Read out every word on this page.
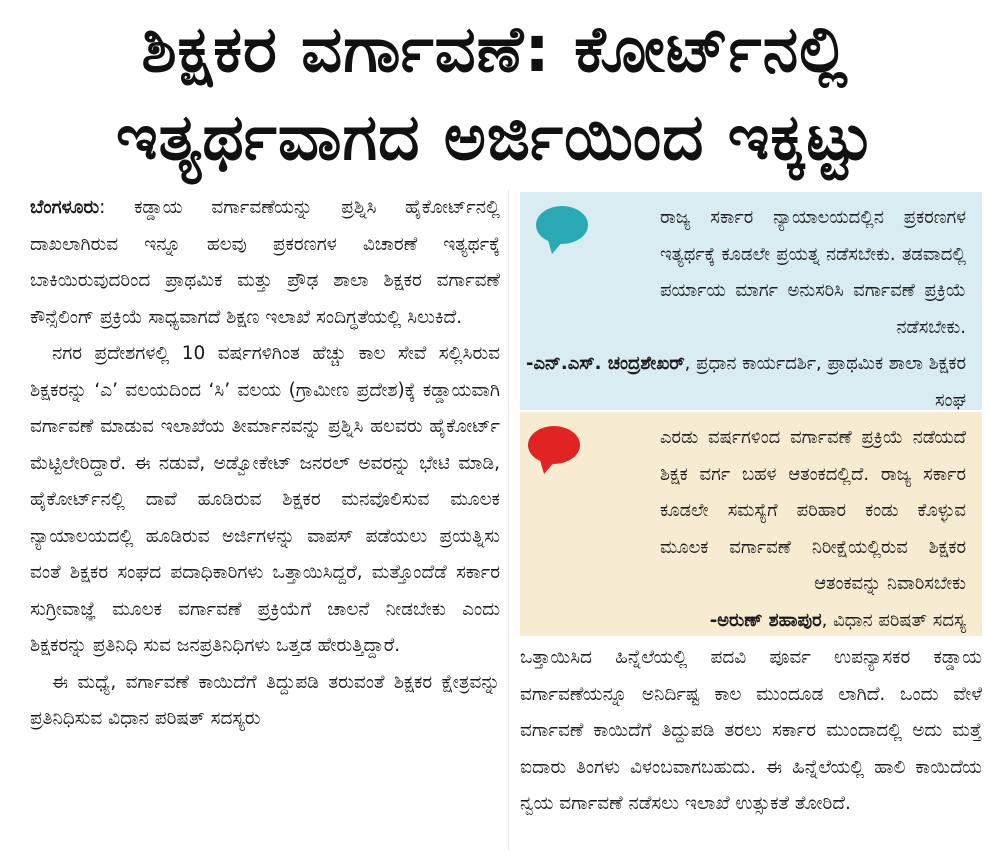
ಶಿಕ್ಷಕರ ವರ್ಗಾವಣೆ: ಕೋರ್ಟ್‌ನಲ್ಲಿ
ಇತ್ಯರ್ಥವಾಗದ ಅರ್ಜಿಯಿಂದ ಇಕ್ಕಟ್ಟು

ಬೆಂಗಳೂರು: ಕಡ್ಡಾಯ ವರ್ಗಾವಣೆಯನ್ನು ಪ್ರಶ್ನಿಸಿ ಹೈಕೋರ್ಟ್‌ನಲ್ಲಿ ದಾಖಲಾಗಿರುವ ಇನ್ನೂ ಹಲವು ಪ್ರಕರಣಗಳ ವಿಚಾರಣೆ ಇತ್ಯರ್ಥಕ್ಕೆ ಬಾಕಿಯಿರುವುದರಿಂದ ಪ್ರಾಥಮಿಕ ಮತ್ತು ಪ್ರೌಢ ಶಾಲಾ ಶಿಕ್ಷಕರ ವರ್ಗಾವಣೆ ಕೌನ್ಸೆಲಿಂಗ್ ಪ್ರಕ್ರಿಯೆ ಸಾಧ್ಯವಾಗದೆ ಶಿಕ್ಷಣ ಇಲಾಖೆ ಸಂದಿಗ್ಧತೆಯಲ್ಲಿ ಸಿಲುಕಿದೆ.

ನಗರ ಪ್ರದೇಶಗಳಲ್ಲಿ 10 ವರ್ಷಗಳಿಗಿಂತ ಹೆಚ್ಚು ಕಾಲ ಸೇವೆ ಸಲ್ಲಿಸಿರುವ ಶಿಕ್ಷಕರನ್ನು ‘ಎ’ ವಲಯದಿಂದ ‘ಸಿ’ ವಲಯ (ಗ್ರಾಮೀಣ ಪ್ರದೇಶ)ಕ್ಕೆ ಕಡ್ಡಾಯವಾಗಿ ವರ್ಗಾವಣೆ ಮಾಡುವ ಇಲಾಖೆಯ ತೀರ್ಮಾನವನ್ನು ಪ್ರಶ್ನಿಸಿ ಹಲವರು ಹೈಕೋರ್ಟ್ ಮೆಟ್ಟಿಲೇರಿದ್ದಾರೆ. ಈ ನಡುವೆ, ಅಡ್ವೋಕೇಟ್ ಜನರಲ್ ಅವರನ್ನು ಭೇಟಿ ಮಾಡಿ, ಹೈಕೋರ್ಟ್‌ನಲ್ಲಿ ದಾವೆ ಹೂಡಿರುವ ಶಿಕ್ಷಕರ ಮನವೊಲಿಸುವ ಮೂಲಕ ನ್ಯಾಯಾಲಯದಲ್ಲಿ ಹೂಡಿರುವ ಅರ್ಜಿಗಳನ್ನು ವಾಪಸ್ ಪಡೆಯಲು ಪ್ರಯತ್ನಿಸು ವಂತೆ ಶಿಕ್ಷಕರ ಸಂಘದ ಪದಾಧಿಕಾರಿಗಳು ಒತ್ತಾಯಿಸಿದ್ದರೆ, ಮತ್ತೊಂದೆಡೆ ಸರ್ಕಾರ ಸುಗ್ರೀವಾಜ್ಞೆ ಮೂಲಕ ವರ್ಗಾವಣೆ ಪ್ರಕ್ರಿಯೆಗೆ ಚಾಲನೆ ನೀಡಬೇಕು ಎಂದು ಶಿಕ್ಷಕರನ್ನು ಪ್ರತಿನಿಧಿ ಸುವ ಜನಪ್ರತಿನಿಧಿಗಳು ಒತ್ತಡ ಹೇರುತ್ತಿದ್ದಾರೆ.

ಈ ಮಧ್ಯೆ, ವರ್ಗಾವಣೆ ಕಾಯಿದೆಗೆ ತಿದ್ದುಪಡಿ ತರುವಂತೆ ಶಿಕ್ಷಕರ ಕ್ಷೇತ್ರವನ್ನು ಪ್ರತಿನಿಧಿಸುವ ವಿಧಾನ ಪರಿಷತ್ ಸದಸ್ಯರು

ರಾಜ್ಯ ಸರ್ಕಾರ ನ್ಯಾಯಾಲಯದಲ್ಲಿನ ಪ್ರಕರಣಗಳ ಇತ್ಯರ್ಥಕ್ಕೆ ಕೂಡಲೇ ಪ್ರಯತ್ನ ನಡೆಸಬೇಕು. ತಡವಾದಲ್ಲಿ ಪರ್ಯಾಯ ಮಾರ್ಗ ಅನುಸರಿಸಿ ವರ್ಗಾವಣೆ ಪ್ರಕ್ರಿಯೆ ನಡೆಸಬೇಕು.
-ಎನ್.ಎಸ್. ಚಂದ್ರಶೇಖರ್, ಪ್ರಧಾನ ಕಾರ್ಯದರ್ಶಿ, ಪ್ರಾಥಮಿಕ ಶಾಲಾ ಶಿಕ್ಷಕರ ಸಂಘ
ಎರಡು ವರ್ಷಗಳಿಂದ ವರ್ಗಾವಣೆ ಪ್ರಕ್ರಿಯೆ ನಡೆಯದೆ ಶಿಕ್ಷಕ ವರ್ಗ ಬಹಳ ಆತಂಕದಲ್ಲಿದೆ. ರಾಜ್ಯ ಸರ್ಕಾರ ಕೂಡಲೇ ಸಮಸ್ಯೆಗೆ ಪರಿಹಾರ ಕಂಡು ಕೊಳ್ಳುವ ಮೂಲಕ ವರ್ಗಾವಣೆ ನಿರೀಕ್ಷೆಯಲ್ಲಿರುವ ಶಿಕ್ಷಕರ ಆತಂಕವನ್ನು ನಿವಾರಿಸಬೇಕು
-ಅರುಣ್ ಶಹಾಪುರ, ವಿಧಾನ ಪರಿಷತ್ ಸದಸ್ಯ

ಒತ್ತಾಯಿಸಿದ ಹಿನ್ನೆಲೆಯಲ್ಲಿ ಪದವಿ ಪೂರ್ವ ಉಪನ್ಯಾಸಕರ ಕಡ್ಡಾಯ ವರ್ಗಾವಣೆಯನ್ನೂ ಅನಿರ್ದಿಷ್ಟ ಕಾಲ ಮುಂದೂಡ ಲಾಗಿದೆ. ಒಂದು ವೇಳೆ ವರ್ಗಾವಣೆ ಕಾಯಿದೆಗೆ ತಿದ್ದುಪಡಿ ತರಲು ಸರ್ಕಾರ ಮುಂದಾದಲ್ಲಿ ಅದು ಮತ್ತೆ ಐದಾರು ತಿಂಗಳು ವಿಳಂಬವಾಗಬಹುದು. ಈ ಹಿನ್ನೆಲೆಯಲ್ಲಿ ಹಾಲಿ ಕಾಯಿದೆಯ ನ್ವಯ ವರ್ಗಾವಣೆ ನಡೆಸಲು ಇಲಾಖೆ ಉತ್ಸುಕತೆ ತೋರಿದೆ.
